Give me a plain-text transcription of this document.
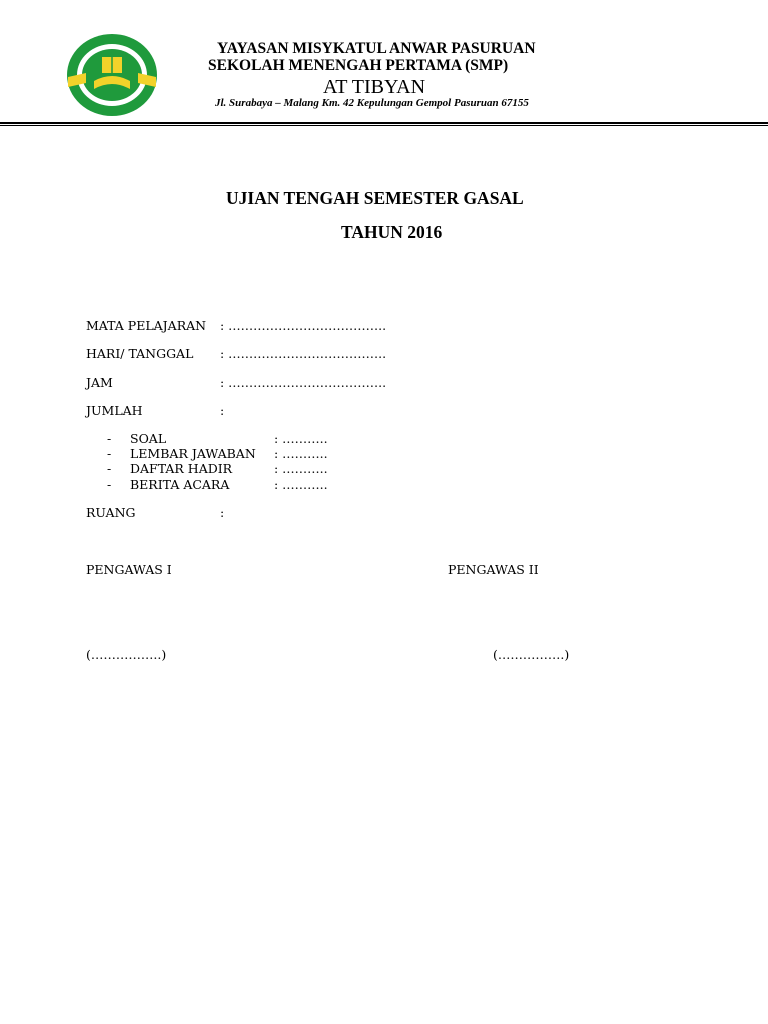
YAYASAN MISYKATUL ANWAR PASURUAN
SEKOLAH MENENGAH PERTAMA (SMP)
AT TIBYAN
Jl. Surabaya – Malang Km. 42 Kepulungan Gempol Pasuruan 67155
UJIAN TENGAH SEMESTER GASAL
TAHUN 2016
MATA PELAJARAN : ………………………………..
HARI/ TANGGAL : ………………………………..
JAM	: ………………………………..
JUMLAH	:
- SOAL	: ………..
- LEMBAR JAWABAN : ………..
- DAFTAR HADIR	: ………..
- BERITA ACARA	: ………..
RUANG	:
PENGAWAS I	PENGAWAS II
(……………..)	(…………….)
